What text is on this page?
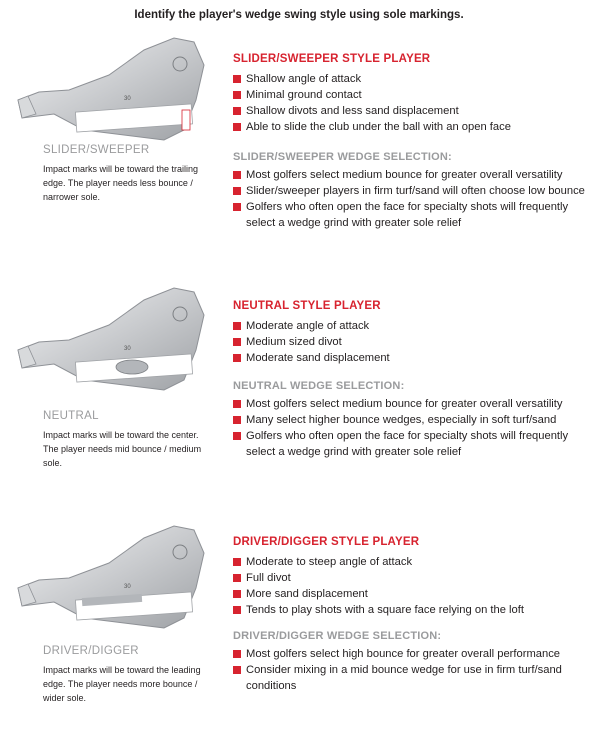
Identify the player's wedge swing style using sole markings.
30
SLIDER/SWEEPER
Impact marks will be toward the trailing edge. The player needs less bounce / narrower sole.
SLIDER/SWEEPER STYLE PLAYER
Shallow angle of attack
Minimal ground contact
Shallow divots and less sand displacement
Able to slide the club under the ball with an open face
SLIDER/SWEEPER WEDGE SELECTION:
Most golfers select medium bounce for greater overall versatility
Slider/sweeper players in firm turf/sand will often choose low bounce
Golfers who often open the face for specialty shots will frequently select a wedge grind with greater sole relief
30
NEUTRAL
Impact marks will be toward the center. The player needs mid bounce / medium sole.
NEUTRAL STYLE PLAYER
Moderate angle of attack
Medium sized divot
Moderate sand displacement
NEUTRAL WEDGE SELECTION:
Most golfers select medium bounce for greater overall versatility
Many select higher bounce wedges, especially in soft turf/sand
Golfers who often open the face for specialty shots will frequently select a wedge grind with greater sole relief
30
DRIVER/DIGGER
Impact marks will be toward the leading edge. The player needs more bounce / wider sole.
DRIVER/DIGGER STYLE PLAYER
Moderate to steep angle of attack
Full divot
More sand displacement
Tends to play shots with a square face relying on the loft
DRIVER/DIGGER WEDGE SELECTION:
Most golfers select high bounce for greater overall performance
Consider mixing in a mid bounce wedge for use in firm turf/sand conditions
